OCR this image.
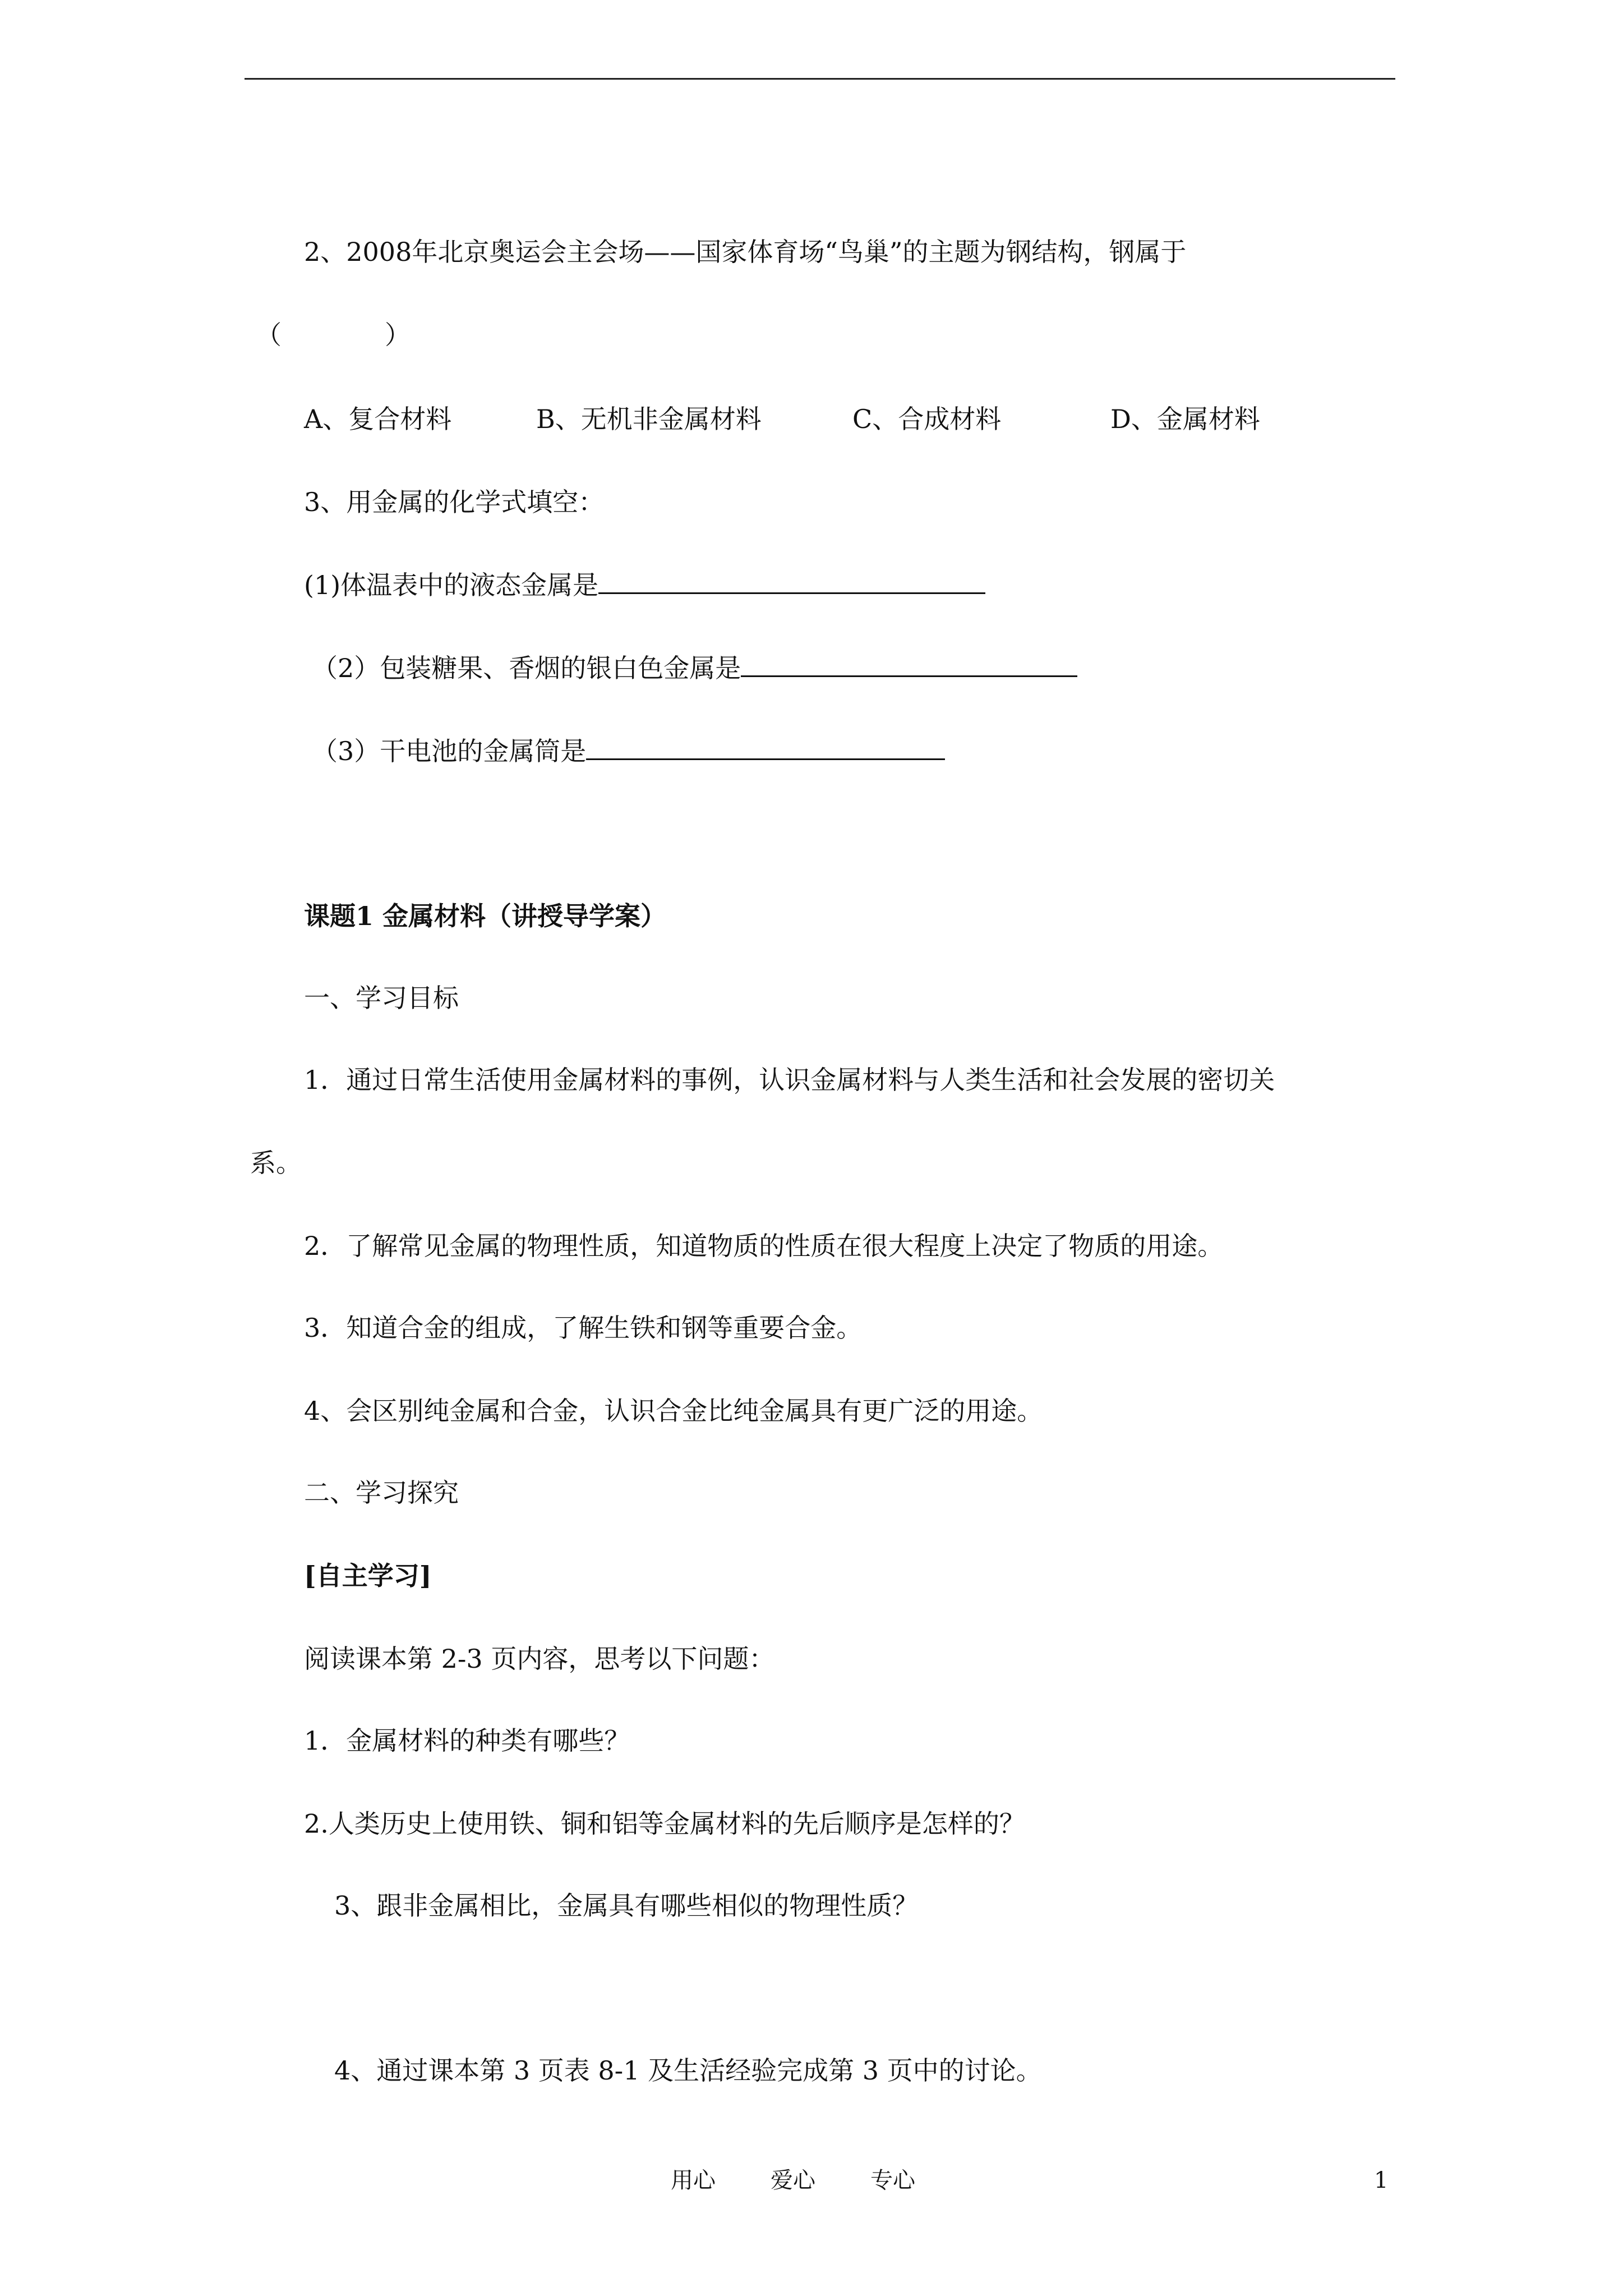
2、2008年北京奥运会主会场——国家体育场“鸟巢”的主题为钢结构，钢属于
（　　　　）
A、复合材料	B、无机非金属材料	C、合成材料	D、金属材料
3、用金属的化学式填空：
(1)体温表中的液态金属是
（2）包装糖果、香烟的银白色金属是
（3）干电池的金属筒是
课题1 金属材料（讲授导学案）
一、学习目标
1．通过日常生活使用金属材料的事例，认识金属材料与人类生活和社会发展的密切关
系。
2．了解常见金属的物理性质，知道物质的性质在很大程度上决定了物质的用途。
3．知道合金的组成，了解生铁和钢等重要合金。
4、会区别纯金属和合金，认识合金比纯金属具有更广泛的用途。
二、学习探究
[自主学习]
阅读课本第 2-3 页内容，思考以下问题：
1．金属材料的种类有哪些？
2.人类历史上使用铁、铜和铝等金属材料的先后顺序是怎样的？
3、跟非金属相比，金属具有哪些相似的物理性质？
4、通过课本第 3 页表 8-1 及生活经验完成第 3 页中的讨论。
用心 爱心 专心	1
